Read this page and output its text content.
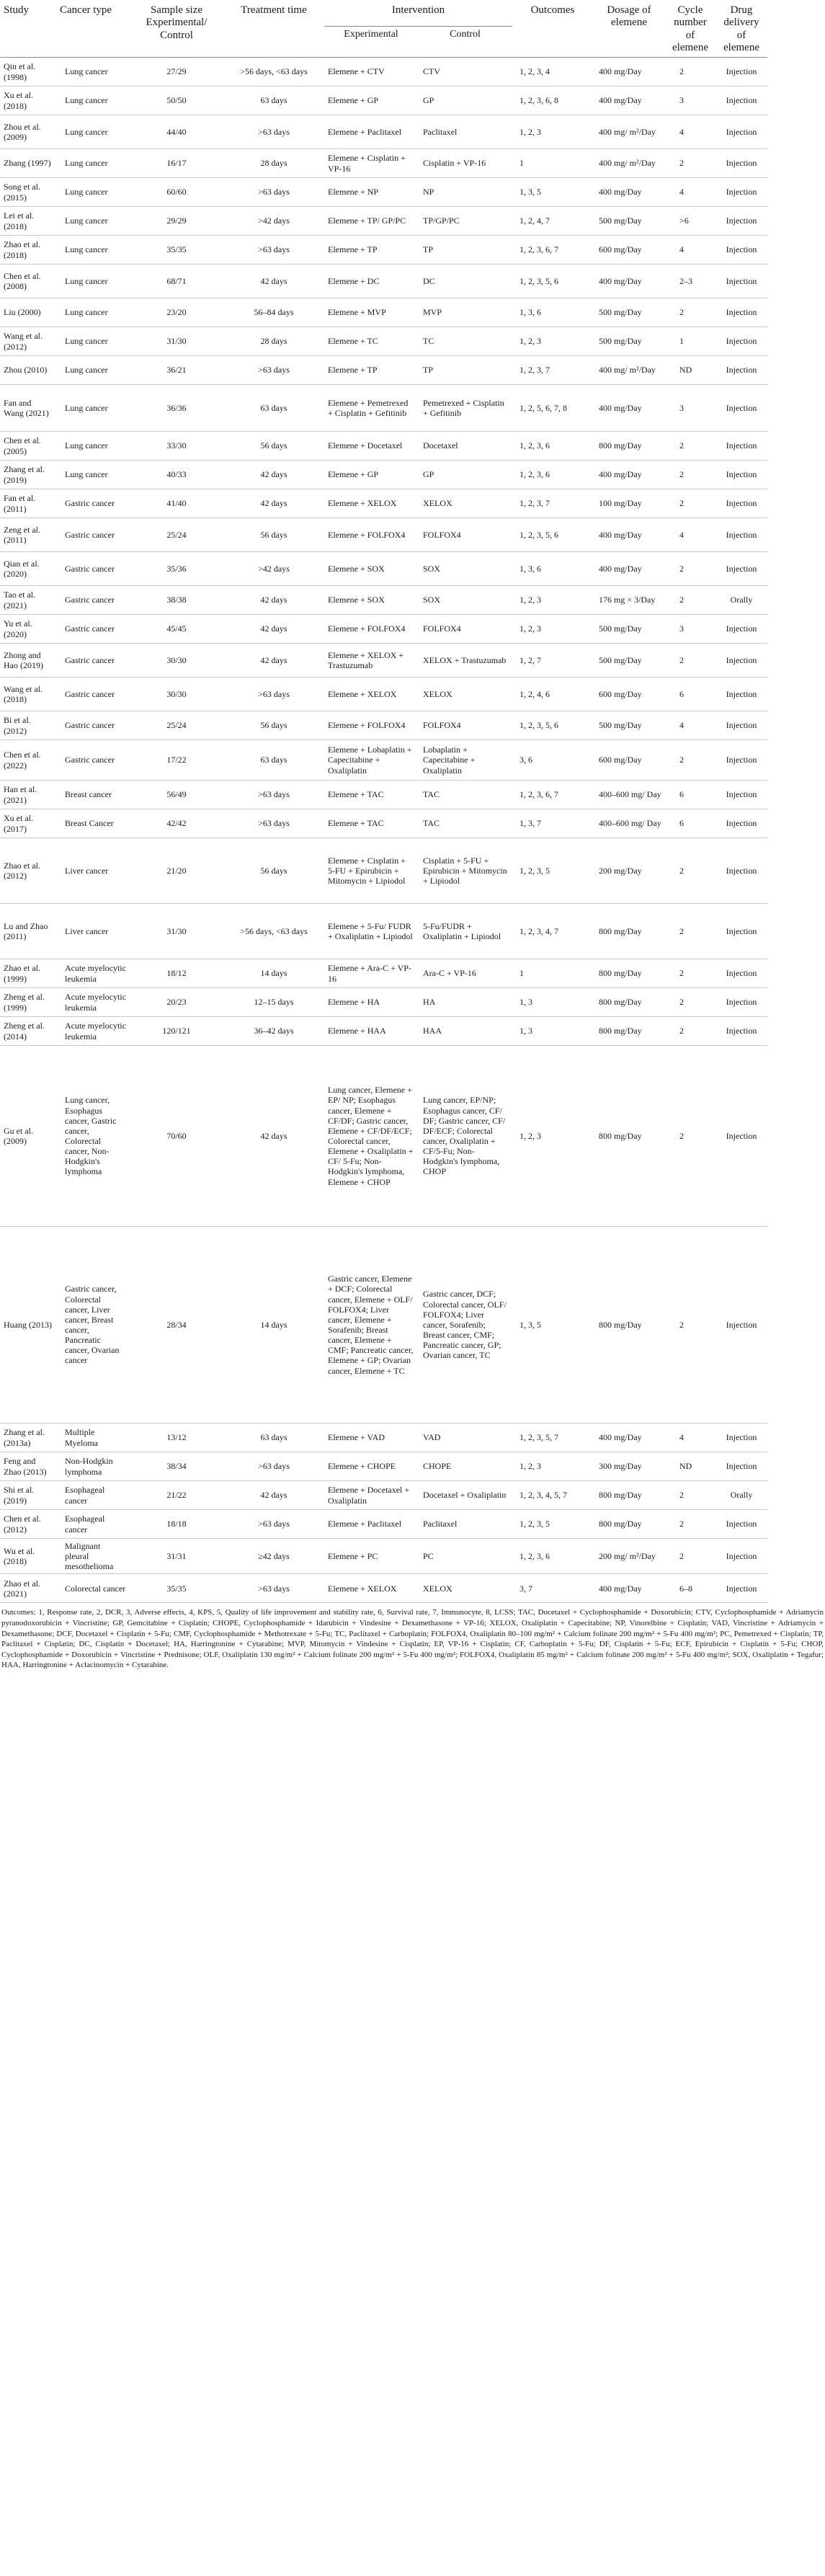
Study	Cancer type	Sample size Experimental/ Control	Treatment time	Intervention		Outcomes	Dosage of elemene	Cycle number of elemene	Drug delivery of elemene
				Experimental	Control				
Qin et al. (1998)	Lung cancer	27/29	>56 days, <63 days	Elemene + CTV	CTV	1, 2, 3, 4	400 mg/Day	2	Injection
Xu et al. (2018)	Lung cancer	50/50	63 days	Elemene + GP	GP	1, 2, 3, 6, 8	400 mg/Day	3	Injection
Zhou et al. (2009)	Lung cancer	44/40	>63 days	Elemene + Paclitaxel	Paclitaxel	1, 2, 3	400 mg/ m²/Day	4	Injection
Zhang (1997)	Lung cancer	16/17	28 days	Elemene + Cisplatin + VP-16	Cisplatin + VP-16	1	400 mg/ m²/Day	2	Injection
Song et al. (2015)	Lung cancer	60/60	>63 days	Elemene + NP	NP	1, 3, 5	400 mg/Day	4	Injection
Lei et al. (2018)	Lung cancer	29/29	>42 days	Elemene + TP/ GP/PC	TP/GP/PC	1, 2, 4, 7	500 mg/Day	>6	Injection
Zhao et al. (2018)	Lung cancer	35/35	>63 days	Elemene + TP	TP	1, 2, 3, 6, 7	600 mg/Day	4	Injection
Chen et al. (2008)	Lung cancer	68/71	42 days	Elemene + DC	DC	1, 2, 3, 5, 6	400 mg/Day	2–3	Injection
Liu (2000)	Lung cancer	23/20	56–84 days	Elemene + MVP	MVP	1, 3, 6	500 mg/Day	2	Injection
Wang et al. (2012)	Lung cancer	31/30	28 days	Elemene + TC	TC	1, 2, 3	500 mg/Day	1	Injection
Zhou (2010)	Lung cancer	36/21	>63 days	Elemene + TP	TP	1, 2, 3, 7	400 mg/ m²/Day	ND	Injection
Fan and Wang (2021)	Lung cancer	36/36	63 days	Elemene + Pemetrexed + Cisplatin + Gefitinib	Pemetrexed + Cisplatin + Gefitinib	1, 2, 5, 6, 7, 8	400 mg/Day	3	Injection
Chen et al. (2005)	Lung cancer	33/30	56 days	Elemene + Docetaxel	Docetaxel	1, 2, 3, 6	800 mg/Day	2	Injection
Zhang et al. (2019)	Lung cancer	40/33	42 days	Elemene + GP	GP	1, 2, 3, 6	400 mg/Day	2	Injection
Fan et al. (2011)	Gastric cancer	41/40	42 days	Elemene + XELOX	XELOX	1, 2, 3, 7	100 mg/Day	2	Injection
Zeng et al. (2011)	Gastric cancer	25/24	56 days	Elemene + FOLFOX4	FOLFOX4	1, 2, 3, 5, 6	400 mg/Day	4	Injection
Qian et al. (2020)	Gastric cancer	35/36	>42 days	Elemene + SOX	SOX	1, 3, 6	400 mg/Day	2	Injection
Tao et al. (2021)	Gastric cancer	38/38	42 days	Elemene + SOX	SOX	1, 2, 3	176 mg × 3/Day	2	Orally
Yu et al. (2020)	Gastric cancer	45/45	42 days	Elemene + FOLFOX4	FOLFOX4	1, 2, 3	500 mg/Day	3	Injection
Zhong and Hao (2019)	Gastric cancer	30/30	42 days	Elemene + XELOX + Trastuzumab	XELOX + Trastuzumab	1, 2, 7	500 mg/Day	2	Injection
Wang et al. (2018)	Gastric cancer	30/30	>63 days	Elemene + XELOX	XELOX	1, 2, 4, 6	600 mg/Day	6	Injection
Bi et al. (2012)	Gastric cancer	25/24	56 days	Elemene + FOLFOX4	FOLFOX4	1, 2, 3, 5, 6	500 mg/Day	4	Injection
Chen et al. (2022)	Gastric cancer	17/22	63 days	Elemene + Lobaplatin + Capecitabine + Oxaliplatin	Lobaplatin + Capecitabine + Oxaliplatin	3, 6	600 mg/Day	2	Injection
Han et al. (2021)	Breast cancer	56/49	>63 days	Elemene + TAC	TAC	1, 2, 3, 6, 7	400–600 mg/ Day	6	Injection
Xu et al. (2017)	Breast Cancer	42/42	>63 days	Elemene + TAC	TAC	1, 3, 7	400–600 mg/ Day	6	Injection
Zhao et al. (2012)	Liver cancer	21/20	56 days	Elemene + Cisplatin + 5-FU + Epirubicin + Mitomycin + Lipiodol	Cisplatin + 5-FU + Epirubicin + Mitomycin + Lipiodol	1, 2, 3, 5	200 mg/Day	2	Injection
Lu and Zhao (2011)	Liver cancer	31/30	>56 days, <63 days	Elemene + 5-Fu/ FUDR + Oxaliplatin + Lipiodol	5-Fu/FUDR + Oxaliplatin + Lipiodol	1, 2, 3, 4, 7	800 mg/Day	2	Injection
Zhao et al. (1999)	Acute myelocytic leukemia	18/12	14 days	Elemene + Ara-C + VP-16	Ara-C + VP-16	1	800 mg/Day	2	Injection
Zheng et al. (1999)	Acute myelocytic leukemia	20/23	12–15 days	Elemene + HA	HA	1, 3	800 mg/Day	2	Injection
Zheng et al. (2014)	Acute myelocytic leukemia	120/121	36–42 days	Elemene + HAA	HAA	1, 3	800 mg/Day	2	Injection
Gu et al. (2009)	Lung cancer, Esophagus cancer, Gastric cancer, Colorectal cancer, Non-Hodgkin's lymphoma	70/60	42 days	Lung cancer, Elemene + EP/ NP; Esophagus cancer, Elemene + CF/DF; Gastric cancer, Elemene + CF/DF/ECF; Colorectal cancer, Elemene + Oxaliplatin + CF/ 5-Fu; Non-Hodgkin's lymphoma, Elemene + CHOP	Lung cancer, EP/NP; Esophagus cancer, CF/ DF; Gastric cancer, CF/ DF/ECF; Colorectal cancer, Oxaliplatin + CF/5-Fu; Non-Hodgkin's lymphoma, CHOP	1, 2, 3	800 mg/Day	2	Injection
Huang (2013)	Gastric cancer, Colorectal cancer, Liver cancer, Breast cancer, Pancreatic cancer, Ovarian cancer	28/34	14 days	Gastric cancer, Elemene + DCF; Colorectal cancer, Elemene + OLF/ FOLFOX4; Liver cancer, Elemene + Sorafenib; Breast cancer, Elemene + CMF; Pancreatic cancer, Elemene + GP; Ovarian cancer, Elemene + TC	Gastric cancer, DCF; Colorectal cancer, OLF/ FOLFOX4; Liver cancer, Sorafenib; Breast cancer, CMF; Pancreatic cancer, GP; Ovarian cancer, TC	1, 3, 5	800 mg/Day	2	Injection
Zhang et al. (2013a)	Multiple Myeloma	13/12	63 days	Elemene + VAD	VAD	1, 2, 3, 5, 7	400 mg/Day	4	Injection
Feng and Zhao (2013)	Non-Hodgkin lymphoma	38/34	>63 days	Elemene + CHOPE	CHOPE	1, 2, 3	300 mg/Day	ND	Injection
Shi et al. (2019)	Esophageal cancer	21/22	42 days	Elemene + Docetaxel + Oxaliplatin	Docetaxel + Oxaliplatin	1, 2, 3, 4, 5, 7	800 mg/Day	2	Orally
Chen et al. (2012)	Esophageal cancer	18/18	>63 days	Elemene + Paclitaxel	Paclitaxel	1, 2, 3, 5	800 mg/Day	2	Injection
Wu et al. (2018)	Malignant pleural mesothelioma	31/31	≥42 days	Elemene + PC	PC	1, 2, 3, 6	200 mg/ m²/Day	2	Injection
Zhao et al. (2021)	Colorectal cancer	35/35	>63 days	Elemene + XELOX	XELOX	3, 7	400 mg/Day	6–8	Injection

Outcomes: 1, Response rate, 2, DCR, 3, Adverse effects, 4, KPS, 5, Quality of life improvement and stability rate, 6, Survival rate, 7, Immunocyte, 8, LCSS; TAC, Docetaxel + Cyclophosphamide + Doxorubicin; CTV, Cyclophosphamide + Adriamycin pyranodoxorubicin + Vincristine; GP, Gemcitabine + Cisplatin; CHOPE, Cyclophosphamide + Idarubicin + Vindesine + Dexamethasone + VP-16; XELOX, Oxaliplatin + Capecitabine; NP, Vinorelbine + Cisplatin; VAD, Vincristine + Adriamycin + Dexamethasone; DCF, Docetaxel + Cisplatin + 5-Fu; CMF, Cyclophosphamide + Methotrexate + 5-Fu; TC, Paclitaxel + Carboplatin; FOLFOX4, Oxaliplatin 80–100 mg/m² + Calcium folinate 200 mg/m² + 5-Fu 400 mg/m²; PC, Pemetrexed + Cisplatin; TP, Paclitaxel + Cisplatin; DC, Cisplatin + Docetaxel; HA, Harringtonine + Cytarabine; MVP, Mitomycin + Vindesine + Cisplatin; EP, VP-16 + Cisplatin; CF, Carboplatin + 5-Fu; DF, Cisplatin + 5-Fu; ECF, Epirubicin + Cisplatin + 5-Fu; CHOP, Cyclophosphamide + Doxorubicin + Vincristine + Prednisone; OLF, Oxaliplatin 130 mg/m² + Calcium folinate 200 mg/m² + 5-Fu 400 mg/m²; FOLFOX4, Oxaliplatin 85 mg/m² + Calcium folinate 200 mg/m² + 5-Fu 400 mg/m²; SOX, Oxaliplatin + Tegafur; HAA, Harringtonine + Aclacinomycin + Cytarabine.									
